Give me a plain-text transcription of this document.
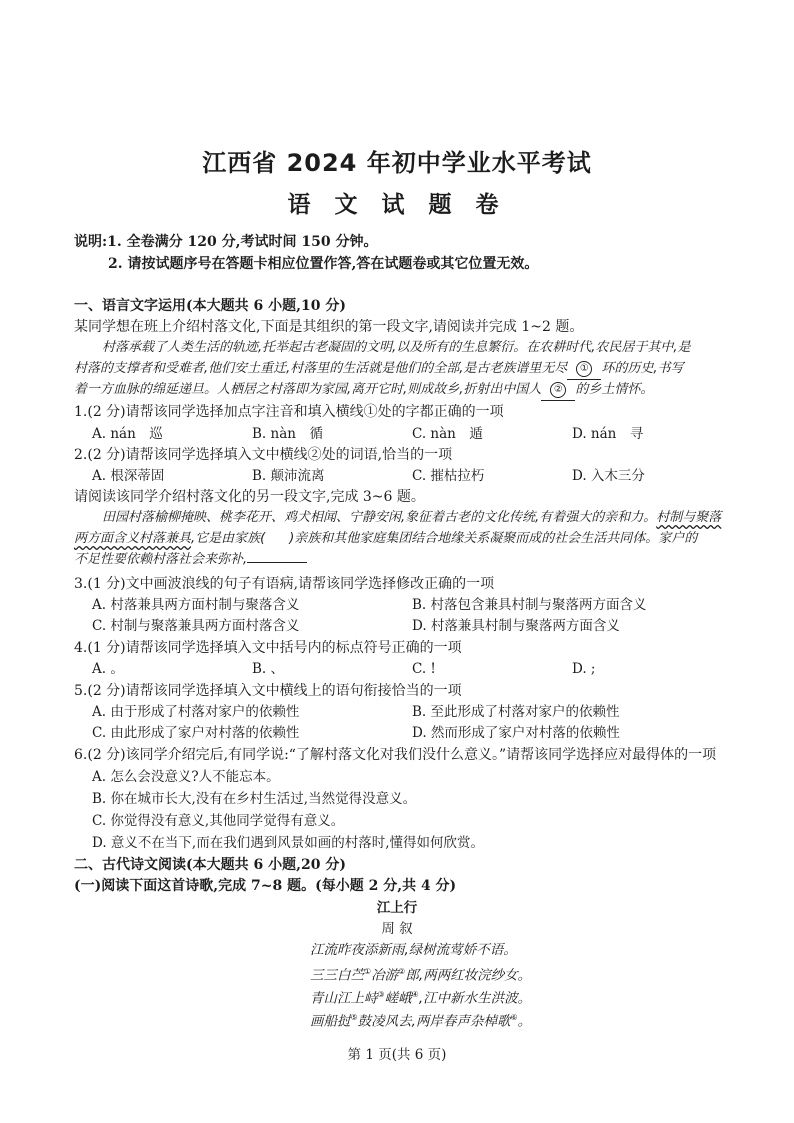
江西省 2024 年初中学业水平考试
语 文 试 题 卷
说明:1. 全卷满分 120 分,考试时间 150 分钟。
2. 请按试题序号在答题卡相应位置作答,答在试题卷或其它位置无效。
一、语言文字运用(本大题共 6 小题,10 分)
某同学想在班上介绍村落文化,下面是其组织的第一段文字,请阅读并完成 1~2 题。
村落承载了人类生活的轨迹,托举起古老凝固的文明,以及所有的生息繁衍。在农耕时代,农民居于其中,是
村落的支撑者和受难者,他们安土重迁,村落里的生活就是他们的全部,是古老族谱里无尽 ① 环的历史,书写
着一方血脉的绵延递旦。人栖居之村落即为家园,离开它时,则成故乡,折射出中国人 ② 的乡土情怀。
1.(2 分)请帮该同学选择加点字注音和填入横线①处的字都正确的一项
A. nán　巡	B. nàn　循	C. nàn　遁	D. nán　寻
2.(2 分)请帮该同学选择填入文中横线②处的词语,恰当的一项
A. 根深蒂固	B. 颠沛流离	C. 摧枯拉朽	D. 入木三分
请阅读该同学介绍村落文化的另一段文字,完成 3~6 题。
田园村落榆柳掩映、桃李花开、鸡犬相闻、宁静安闲,象征着古老的文化传统,有着强大的亲和力。村制与聚落
两方面含义村落兼具,它是由家族( )亲族和其他家庭集团结合地缘关系凝聚而成的社会生活共同体。家户的
不足性要依赖村落社会来弥补,
3.(1 分)文中画波浪线的句子有语病,请帮该同学选择修改正确的一项
A. 村落兼具两方面村制与聚落含义	B. 村落包含兼具村制与聚落两方面含义
C. 村制与聚落兼具两方面村落含义	D. 村落兼具村制与聚落两方面含义
4.(1 分)请帮该同学选择填入文中括号内的标点符号正确的一项
A. 。	B. 、	C. !	D. ;
5.(2 分)请帮该同学选择填入文中横线上的语句衔接恰当的一项
A. 由于形成了村落对家户的依赖性	B. 至此形成了村落对家户的依赖性
C. 由此形成了家户对村落的依赖性	D. 然而形成了家户对村落的依赖性
6.(2 分)该同学介绍完后,有同学说:“了解村落文化对我们没什么意义。”请帮该同学选择应对最得体的一项
A. 怎么会没意义?人不能忘本。
B. 你在城市长大,没有在乡村生活过,当然觉得没意义。
C. 你觉得没有意义,其他同学觉得有意义。
D. 意义不在当下,而在我们遇到风景如画的村落时,懂得如何欣赏。
二、古代诗文阅读(本大题共 6 小题,20 分)
(一)阅读下面这首诗歌,完成 7~8 题。(每小题 2 分,共 4 分)
江上行
周 叙
江流昨夜添新雨,绿树流莺娇不语。
三三白苎①冶游②郎,两两红妆浣纱女。
青山江上峙③嵯峨④,江中新水生洪波。
画船挝⑤鼓凌风去,两岸春声杂棹歌⑥。
第 1 页(共 6 页)
